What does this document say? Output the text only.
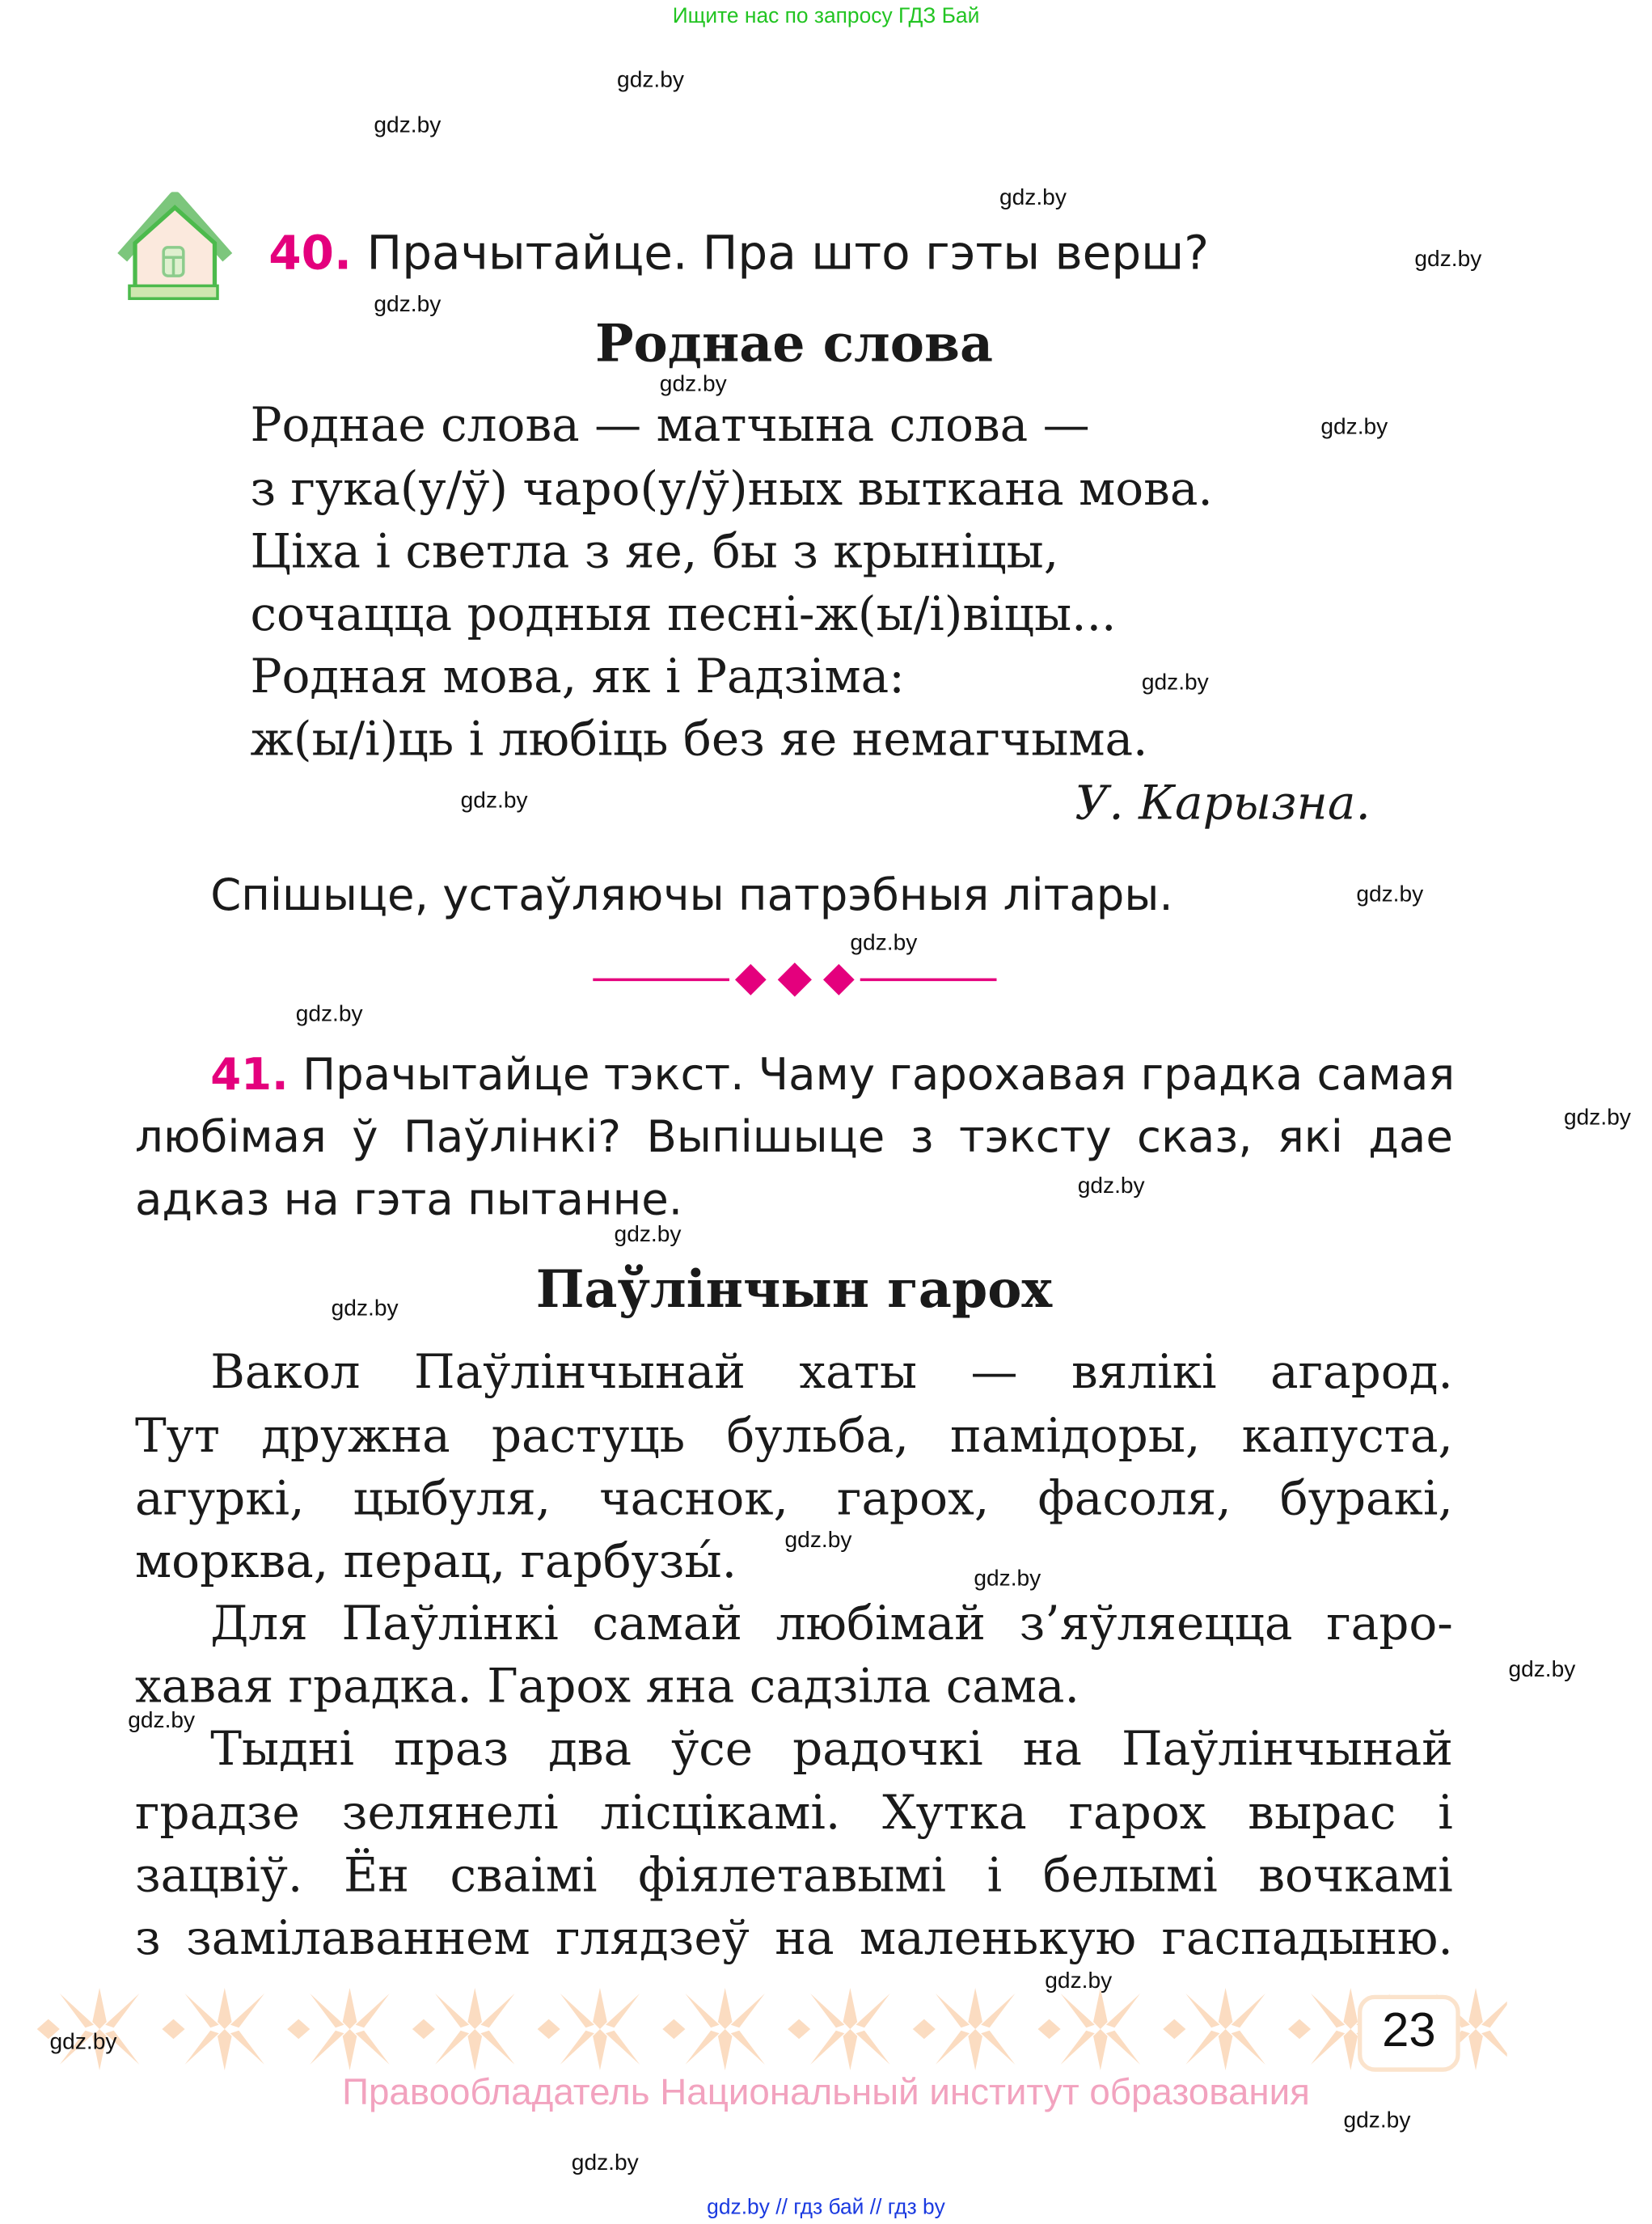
Ищите нас по запросу ГДЗ Бай
40. Прачытайце. Пра што гэты верш?
Роднае слова
Роднае слова — матчына слова —
з гука(у/ў) чаро(у/ў)ных выткана мова.
Ціха і светла з яе, бы з крыніцы,
сочацца родныя песні-ж(ы/і)віцы...
Родная мова, як і Радзіма:
ж(ы/і)ць і любіць без яе немагчыма.
У. Карызна.
Спішыце, устаўляючы патрэбныя літары.
41. Прачытайце тэкст. Чаму гарохавая градка самая
любімая ў Паўлінкі? Выпішыце з тэксту сказ, які дае
адказ на гэта пытанне.
Паўлінчын гарох
Вакол Паўлінчынай хаты — вялікі агарод.
Тут дружна растуць бульба, памідоры, капуста,
агуркі, цыбуля, часнок, гарох, фасоля, буракі,
морква, перац, гарбузы́.
Для Паўлінкі самай любімай з’яўляецца гаро-
хавая градка. Гарох яна садзіла сама.
Тыдні праз два ўсе радочкі на Паўлінчынай
градзе зелянелі лісцікамі. Хутка гарох вырас і
зацвіў. Ён сваімі фіялетавымі і белымі вочкамі
з замілаваннем глядзеў на маленькую гаспадыню.
23
Правообладатель Национальный институт образования
gdz.by // гдз бай // гдз by
gdz.by
gdz.by
gdz.by
gdz.by
gdz.by
gdz.by
gdz.by
gdz.by
gdz.by
gdz.by
gdz.by
gdz.by
gdz.by
gdz.by
gdz.by
gdz.by
gdz.by
gdz.by
gdz.by
gdz.by
gdz.by
gdz.by
gdz.by
gdz.by
